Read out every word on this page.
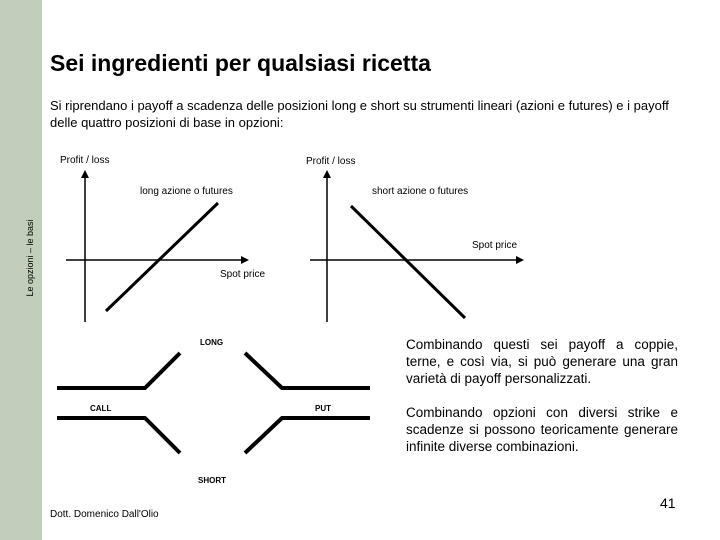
Le opzioni – le basi
Sei ingredienti per qualsiasi ricetta
Si riprendano i payoff a scadenza delle posizioni long e short su strumenti lineari (azioni e futures) e i payoff delle quattro posizioni di base in opzioni:
Profit / loss
long azione o futures
Spot price
Profit / loss
short azione o futures
Spot price
LONG
CALL	PUT
SHORT
Combinando questi sei payoff a coppie, terne, e così via, si può generare una gran varietà di payoff personalizzati.
Combinando opzioni con diversi strike e scadenze si possono teoricamente generare infinite diverse combinazioni.
Dott. Domenico Dall'Olio
41
